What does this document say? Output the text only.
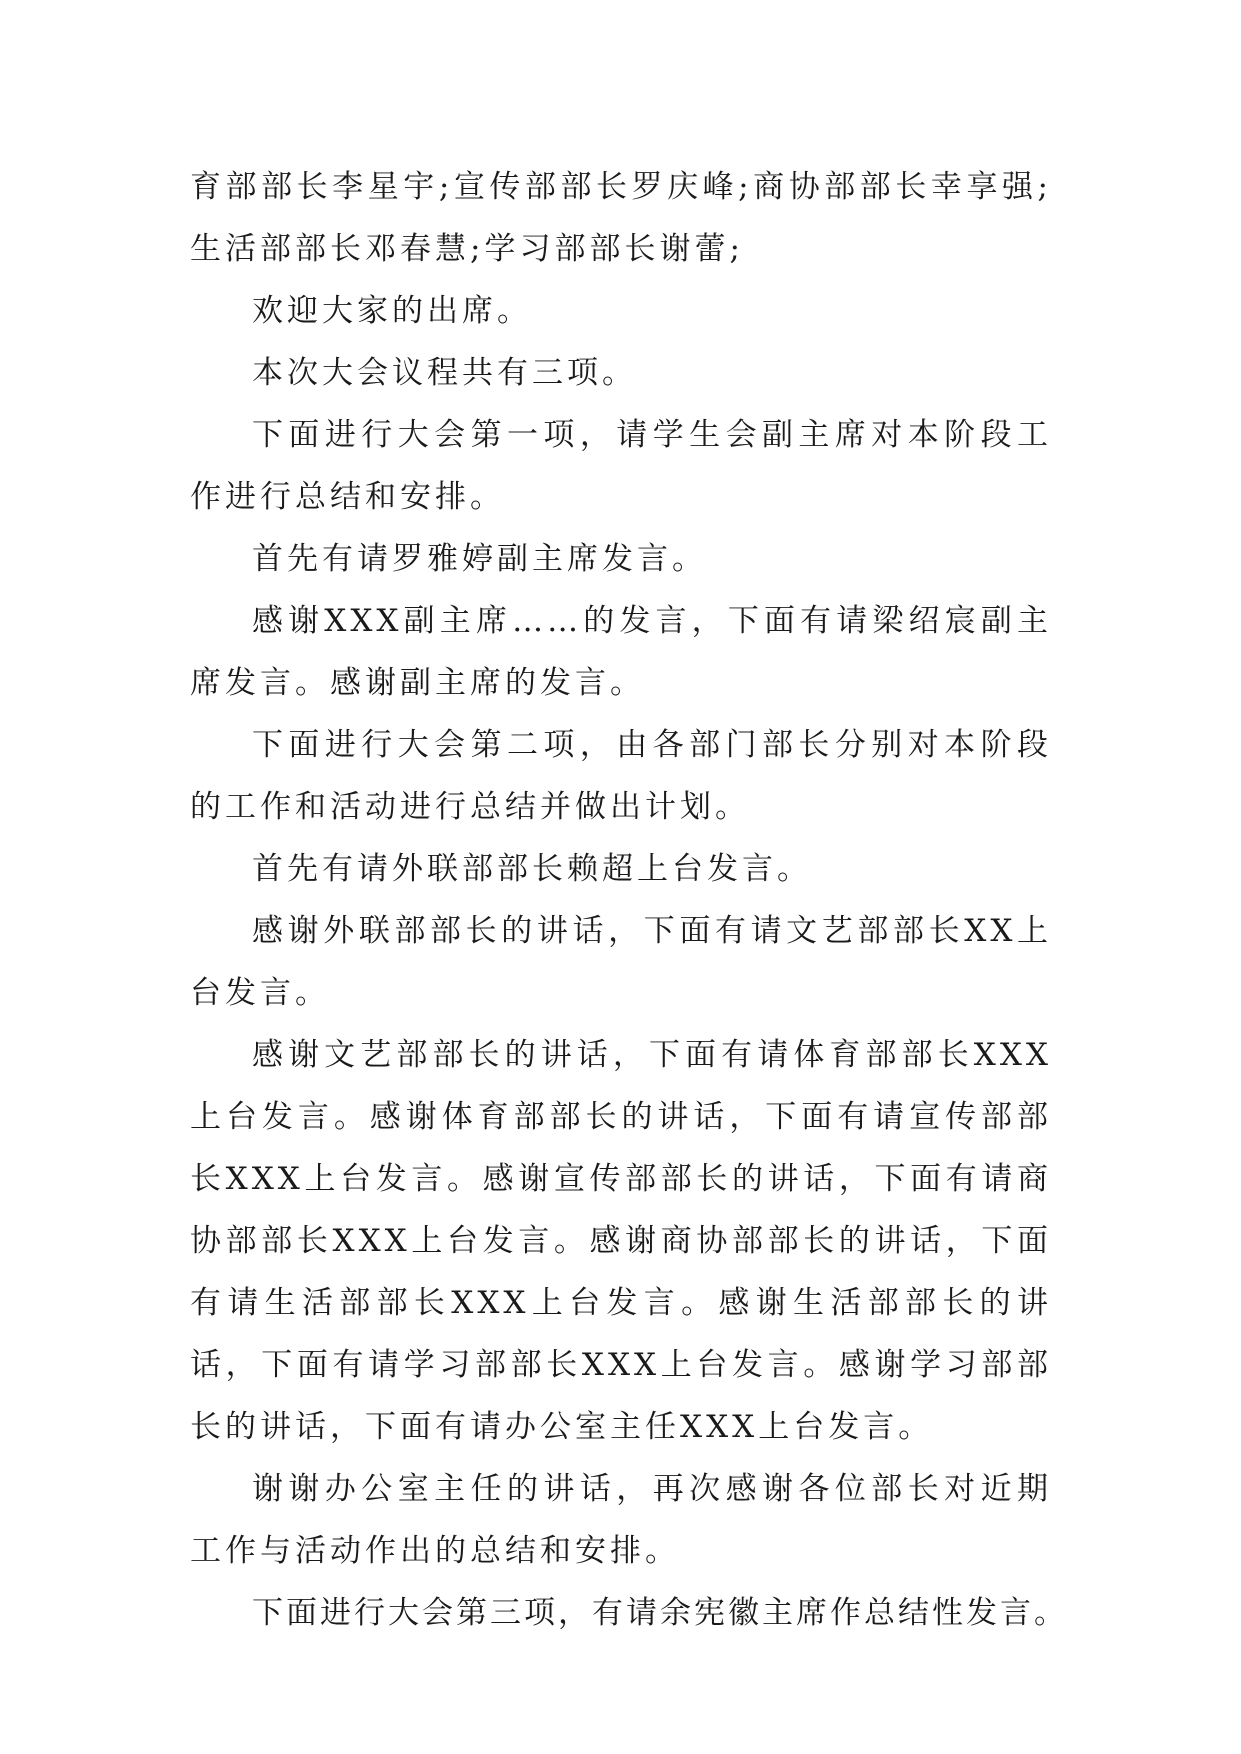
育部部长李星宇;宣传部部长罗庆峰;商协部部长幸享强;生活部部长邓春慧;学习部部长谢蕾;

欢迎大家的出席。

本次大会议程共有三项。

下面进行大会第一项，请学生会副主席对本阶段工作进行总结和安排。

首先有请罗雅婷副主席发言。

感谢XXX副主席……的发言，下面有请梁绍宸副主席发言。感谢副主席的发言。

下面进行大会第二项，由各部门部长分别对本阶段的工作和活动进行总结并做出计划。

首先有请外联部部长赖超上台发言。

感谢外联部部长的讲话，下面有请文艺部部长XX上台发言。

感谢文艺部部长的讲话，下面有请体育部部长XXX上台发言。感谢体育部部长的讲话，下面有请宣传部部长XXX上台发言。感谢宣传部部长的讲话，下面有请商协部部长XXX上台发言。感谢商协部部长的讲话，下面有请生活部部长XXX上台发言。感谢生活部部长的讲话，下面有请学习部部长XXX上台发言。感谢学习部部长的讲话，下面有请办公室主任XXX上台发言。

谢谢办公室主任的讲话，再次感谢各位部长对近期工作与活动作出的总结和安排。

下面进行大会第三项，有请余宪徽主席作总结性发言。
